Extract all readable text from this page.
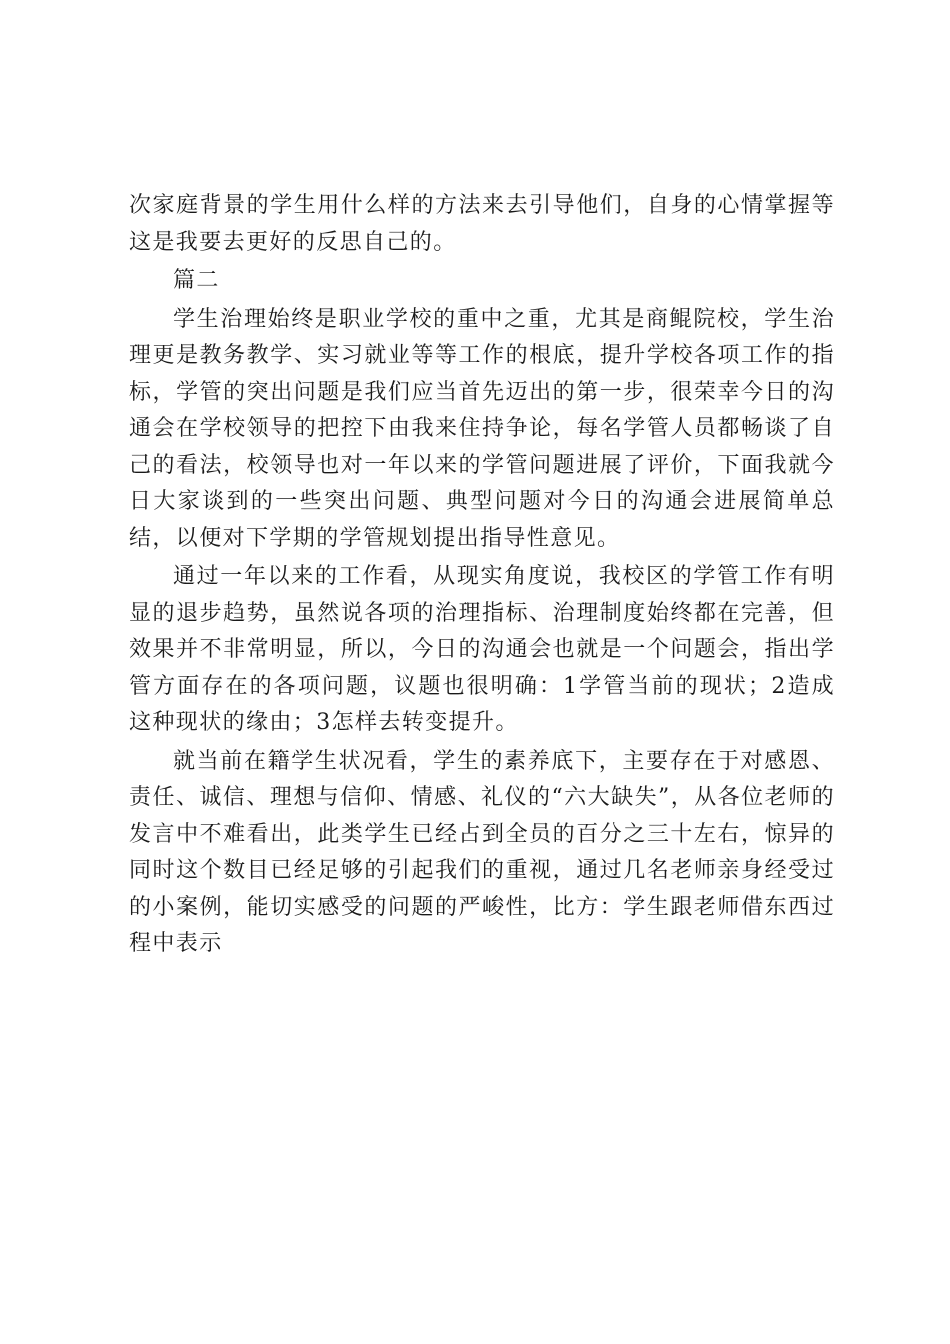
次家庭背景的学生用什么样的方法来去引导他们，自身的心情掌握等这是我要去更好的反思自己的。

篇二

学生治理始终是职业学校的重中之重，尤其是商鲲院校，学生治理更是教务教学、实习就业等等工作的根底，提升学校各项工作的指标，学管的突出问题是我们应当首先迈出的第一步，很荣幸今日的沟通会在学校领导的把控下由我来住持争论，每名学管人员都畅谈了自己的看法，校领导也对一年以来的学管问题进展了评价，下面我就今日大家谈到的一些突出问题、典型问题对今日的沟通会进展简单总结，以便对下学期的学管规划提出指导性意见。

通过一年以来的工作看，从现实角度说，我校区的学管工作有明显的退步趋势，虽然说各项的治理指标、治理制度始终都在完善，但效果并不非常明显，所以，今日的沟通会也就是一个问题会，指出学管方面存在的各项问题，议题也很明确：1学管当前的现状；2造成这种现状的缘由；3怎样去转变提升。

就当前在籍学生状况看，学生的素养底下，主要存在于对感恩、责任、诚信、理想与信仰、情感、礼仪的“六大缺失”，从各位老师的发言中不难看出，此类学生已经占到全员的百分之三十左右，惊异的同时这个数目已经足够的引起我们的重视，通过几名老师亲身经受过的小案例，能切实感受的问题的严峻性，比方：学生跟老师借东西过程中表示
